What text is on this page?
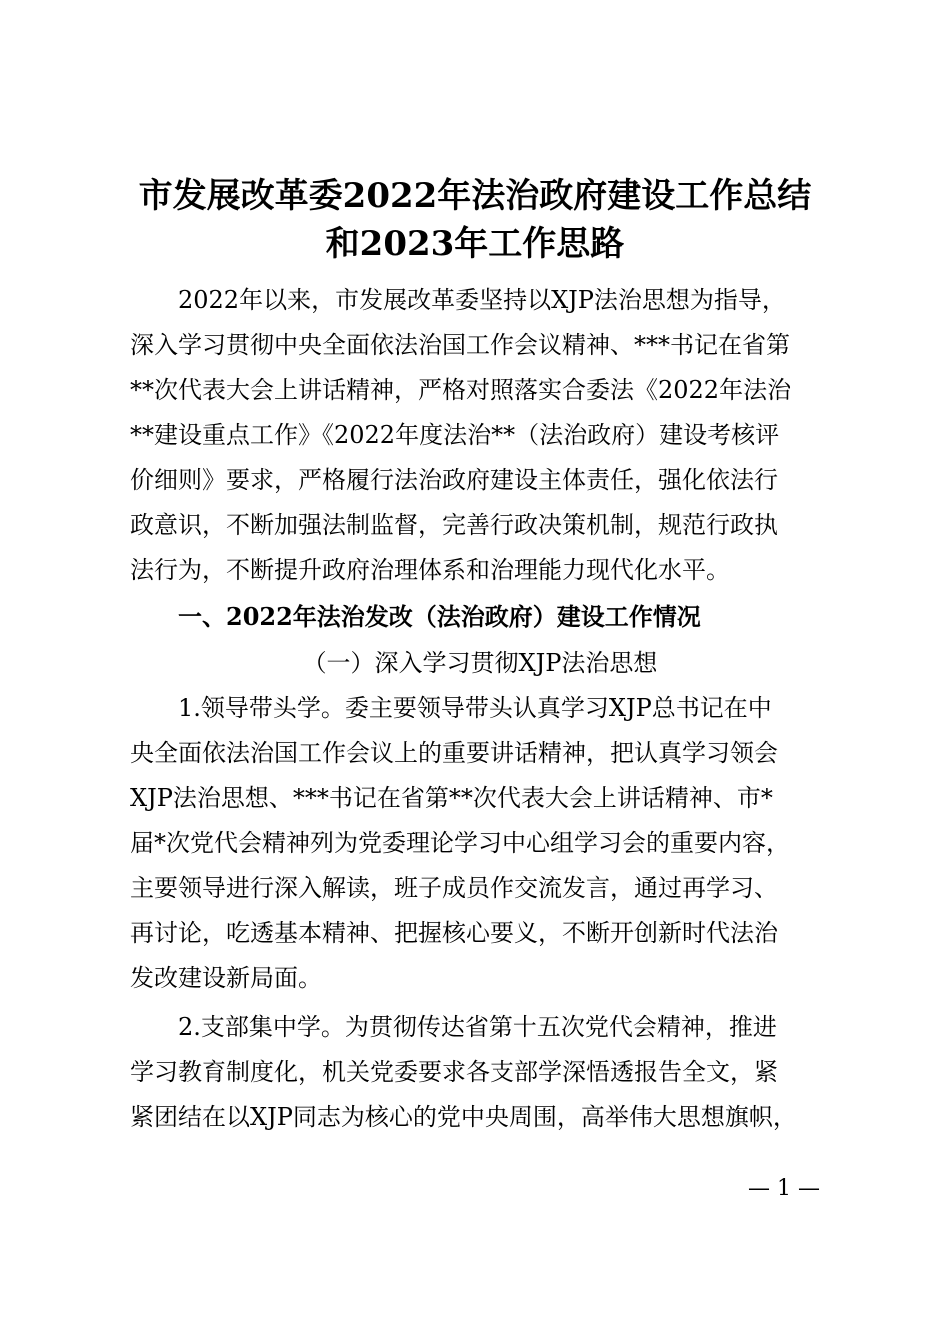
市发展改革委2022年法治政府建设工作总结
和2023年工作思路

2022年以来，市发展改革委坚持以XJP法治思想为指导，
深入学习贯彻中央全面依法治国工作会议精神、***书记在省第
**次代表大会上讲话精神，严格对照落实合委法《2022年法治
**建设重点工作》《2022年度法治**（法治政府）建设考核评
价细则》要求，严格履行法治政府建设主体责任，强化依法行
政意识，不断加强法制监督，完善行政决策机制，规范行政执
法行为，不断提升政府治理体系和治理能力现代化水平。

一、2022年法治发改（法治政府）建设工作情况

（一）深入学习贯彻XJP法治思想

1.领导带头学。委主要领导带头认真学习XJP总书记在中
央全面依法治国工作会议上的重要讲话精神，把认真学习领会
XJP法治思想、***书记在省第**次代表大会上讲话精神、市*
届*次党代会精神列为党委理论学习中心组学习会的重要内容，
主要领导进行深入解读，班子成员作交流发言，通过再学习、
再讨论，吃透基本精神、把握核心要义，不断开创新时代法治
发改建设新局面。

2.支部集中学。为贯彻传达省第十五次党代会精神，推进
学习教育制度化，机关党委要求各支部学深悟透报告全文，紧
紧团结在以XJP同志为核心的党中央周围，高举伟大思想旗帜，

— 1 —
